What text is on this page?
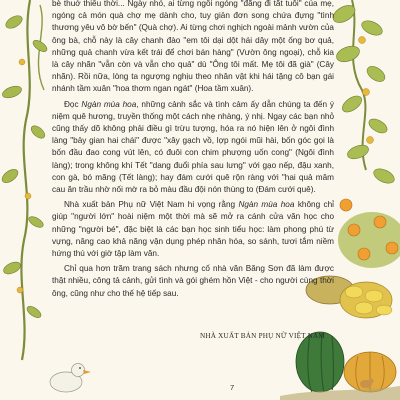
bè thuở thiếu thời... Ngày nhỏ, ai từng ngồi ngóng "đăng đi tắt tuôi" của mẹ, ngóng cả món quà chợ mẹ dành cho, tuy giản đơn song chứa đựng "tình thương yêu vô bờ bến" (Quà chợ). Ai từng chơi nghịch ngoài mảnh vườn của ông bà, chỗ này là cây chanh đào "em tôi dại dột hái dây một ống bơ quả, những quả chanh vừa kết trái để chơi bán hàng" (Vườn ông ngoại), chỗ kia là cây nhãn "vẫn còn và vẫn cho quả" dù "Ông tôi mất. Mẹ tôi đã già" (Cây nhãn). Rồi nữa, lòng ta ngượng nghịu theo nhân vật khi hái tặng cô bạn gái nhánh tầm xuân "hoa thơm ngan ngát" (Hoa tầm xuân).

Đọc Ngàn mùa hoa, những cảnh sắc và tình cảm ấy dẫn chúng ta đến ý niệm quê hương, truyền thống một cách nhẹ nhàng, ý nhị. Ngay các bạn nhỏ cũng thấy dõ không phải điều gì trừu tượng, hóa ra nó hiện lên ở ngôi đình làng "bảy gian hai chái" được "xây gạch vồ, lợp ngói mũi hài, bốn góc gọi là bốn đầu đao cong vút lên, có đuôi con chim phượng uốn cong" (Ngôi đình làng); trong không khí Tết "dang đuổi phía sau lưng" với gạo nếp, đậu xanh, con gà, bó măng (Tết làng); hay đám cưới quê rộn ràng với "hai quả mâm cau ăn trầu nhờ nối mờ ra bỏ màu đầu đội nón thùng to (Đám cưới quê).

Nhà xuất bản Phụ nữ Việt Nam hi vọng rằng Ngàn mùa hoa không chỉ giúp "người lớn" hoài niệm một thời mà sẽ mở ra cánh cửa văn học cho những "người bé", đặc biệt là các bạn học sinh tiểu học: làm phong phú từ vựng, nâng cao khả năng vận dụng phép nhân hóa, so sánh, tươi tắm niềm hứng thú với giờ tập làm văn.

Chỉ qua hơn trăm trang sách nhưng cố nhà văn Băng Sơn đã làm được thật nhiều, công tả cảnh, gửi tình và gói ghém hồn Việt - cho người cùng thời ông, cũng như cho thế hệ tiếp sau.

NHÀ XUẤT BẢN PHỤ NỮ VIỆT NAM
7
